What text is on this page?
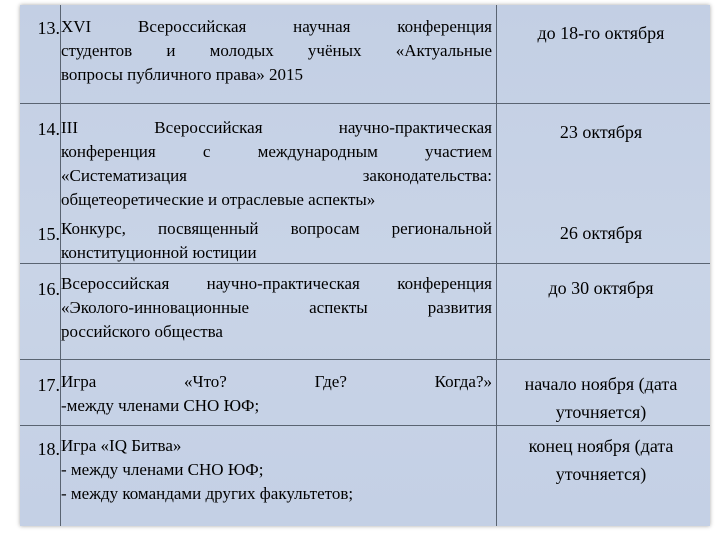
13. XVI Всероссийская научная конференция
студентов и молодых учёных «Актуальные
вопросы публичного права» 2015
до 18-го октября
14. III Всероссийская научно-практическая
конференция с международным участием
«Систематизация законодательства:
общетеоретические и отраслевые аспекты»
23 октября
15. Конкурс, посвященный вопросам региональной
конституционной юстиции
26 октября
16. Всероссийская научно-практическая конференция
«Эколого-инновационные аспекты развития
российского общества
до 30 октября
17. Игра «Что? Где? Когда?»
-между членами СНО ЮФ;
начало ноября (дата уточняется)
18. Игра «IQ Битва»
- между членами СНО ЮФ;
- между командами других факультетов;
конец ноября (дата уточняется)
